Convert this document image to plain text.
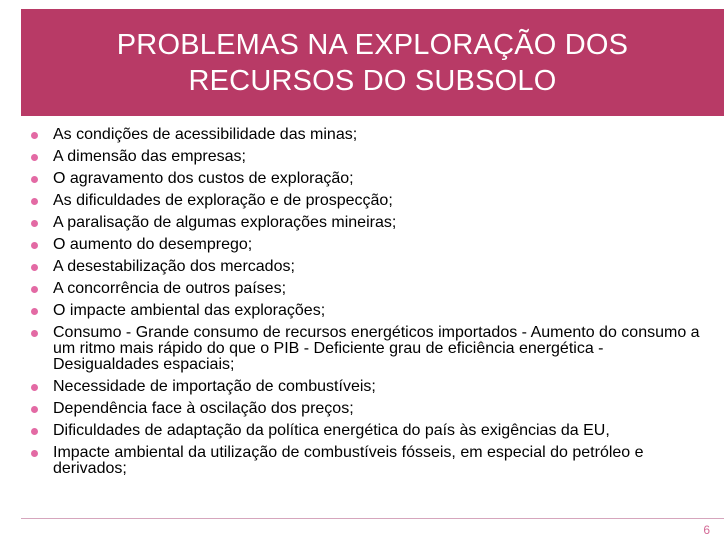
PROBLEMAS NA EXPLORAÇÃO DOS
RECURSOS DO SUBSOLO
As condições de acessibilidade das minas;
A dimensão das empresas;
O agravamento dos custos de exploração;
As dificuldades de exploração e de prospecção;
A paralisação de algumas explorações mineiras;
O aumento do desemprego;
A desestabilização dos mercados;
A concorrência de outros países;
O impacte ambiental das explorações;
Consumo - Grande consumo de recursos energéticos importados - Aumento do consumo a um ritmo mais rápido do que o PIB - Deficiente grau de eficiência energética - Desigualdades espaciais;
Necessidade de importação de combustíveis;
Dependência face à oscilação dos preços;
Dificuldades de adaptação da política energética do país às exigências da EU,
Impacte ambiental da utilização de combustíveis fósseis, em especial do petróleo e derivados;
6
